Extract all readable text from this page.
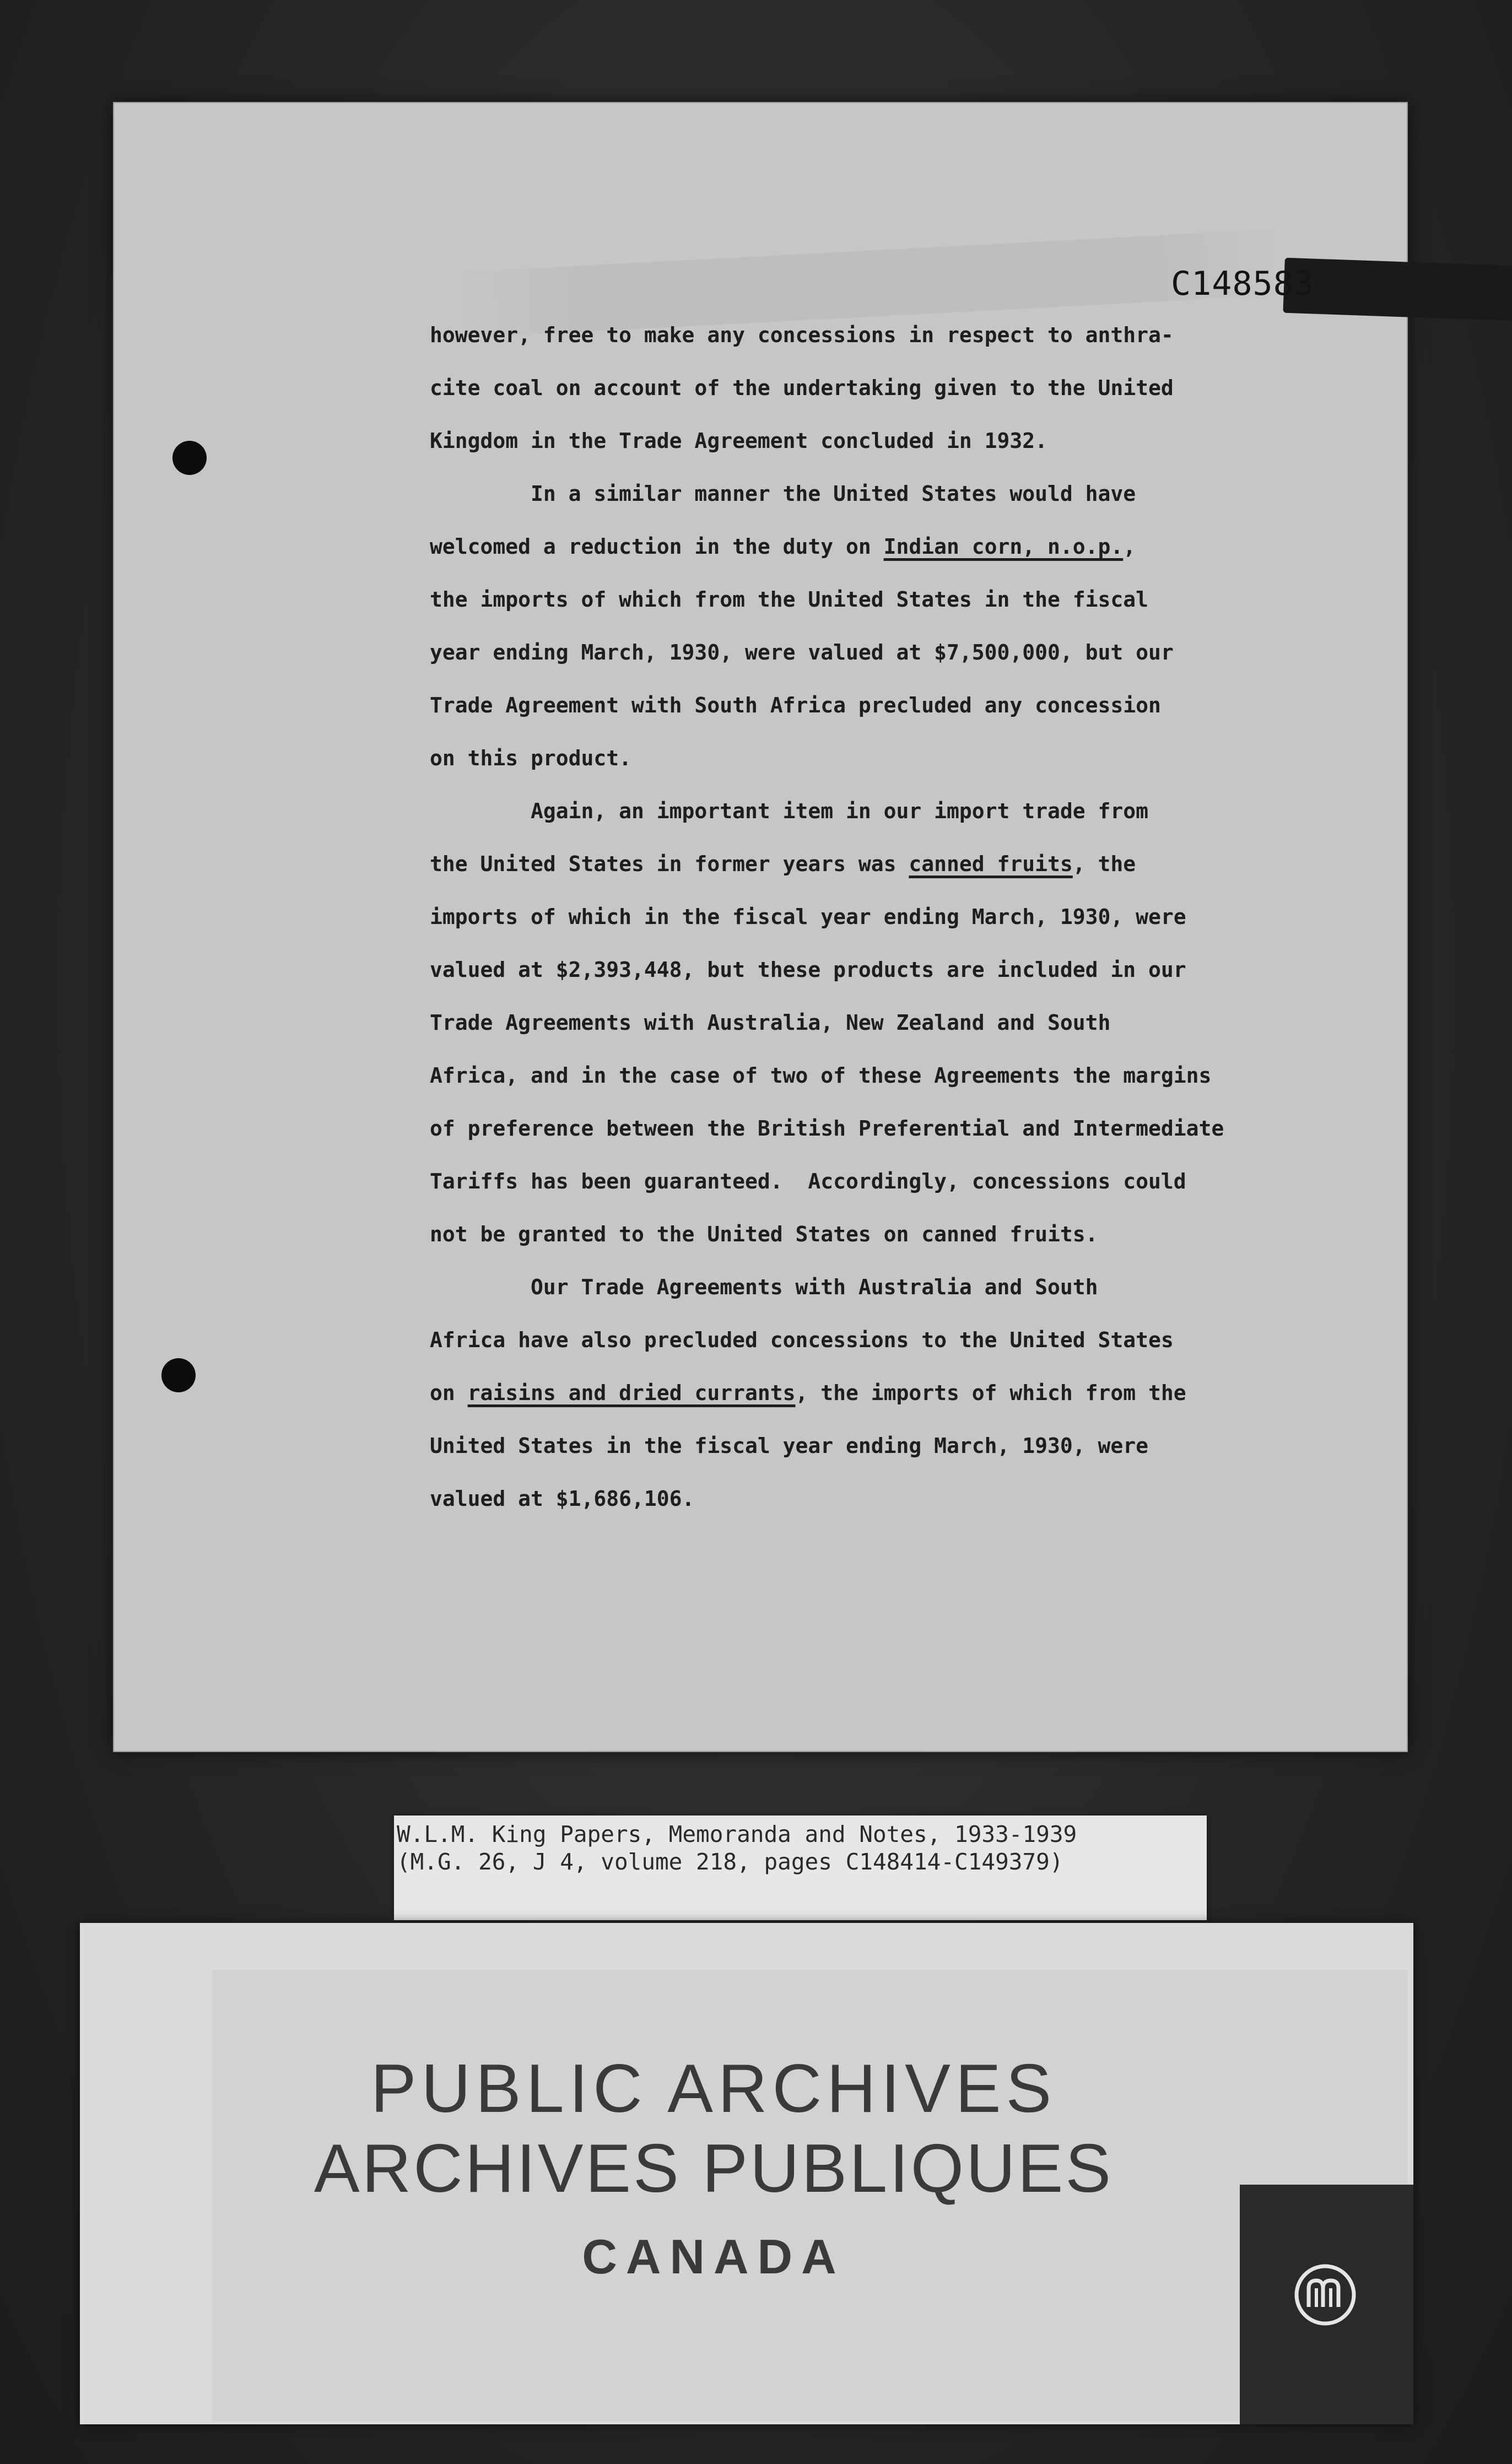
C148583

however, free to make any concessions in respect to anthra-

cite coal on account of the undertaking given to the United

Kingdom in the Trade Agreement concluded in 1932.

In a similar manner the United States would have

welcomed a reduction in the duty on Indian corn, n.o.p.,

the imports of which from the United States in the fiscal

year ending March, 1930, were valued at $7,500,000, but our

Trade Agreement with South Africa precluded any concession

on this product.

Again, an important item in our import trade from

the United States in former years was canned fruits, the

imports of which in the fiscal year ending March, 1930, were

valued at $2,393,448, but these products are included in our

Trade Agreements with Australia, New Zealand and South

Africa, and in the case of two of these Agreements the margins

of preference between the British Preferential and Intermediate

Tariffs has been guaranteed.  Accordingly, concessions could

not be granted to the United States on canned fruits.

Our Trade Agreements with Australia and South

Africa have also precluded concessions to the United States

on raisins and dried currants, the imports of which from the

United States in the fiscal year ending March, 1930, were

valued at $1,686,106.

W.L.M. King Papers, Memoranda and Notes, 1933-1939
(M.G. 26, J 4, volume 218, pages C148414-C149379)
PUBLIC ARCHIVES
ARCHIVES PUBLIQUES
CANADA
